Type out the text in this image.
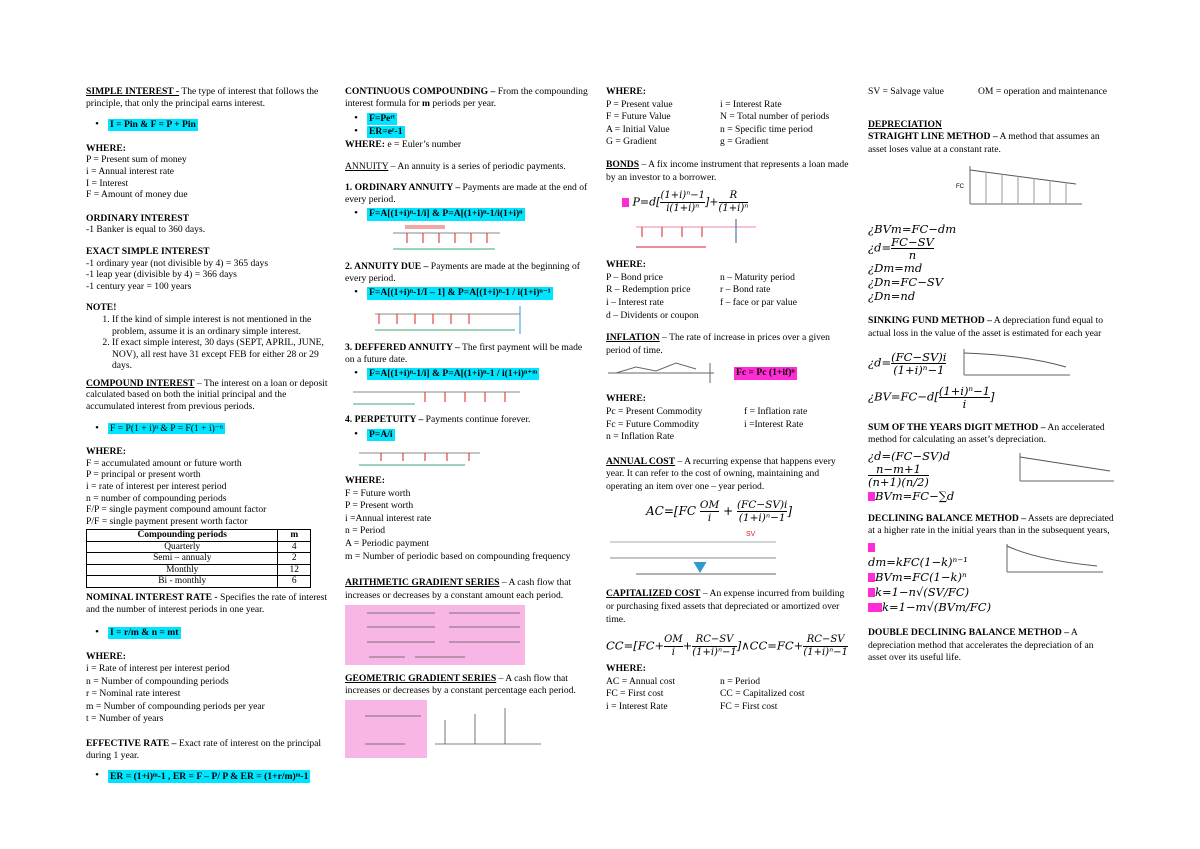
SIMPLE INTEREST - The type of interest that follows the principle, that only the principal earns interest.

•	I = Pin & F = P + Pin
WHERE:
P = Present sum of money
i = Annual interest rate
I = Interest
F = Amount of money due
ORDINARY INTEREST
-1 Banker is equal to 360 days.
EXACT SIMPLE INTEREST
-1 ordinary year (not divisible by 4) = 365 days
-1 leap year (divisible by 4) = 366 days
-1 century year = 100 years
NOTE!
1. If the kind of simple interest is not mentioned in the problem, assume it is an ordinary simple interest.
2. If exact simple interest, 30 days (SEPT, APRIL, JUNE, NOV), all rest have 31 except FEB for either 28 or 29 days.

COMPOUND INTEREST – The interest on a loan or deposit calculated based on both the initial principal and the accumulated interest from previous periods.

•	F = P(1 + i)ⁿ & P = F(1 + i)⁻ⁿ
WHERE:
F = accumulated amount or future worth
P = principal or present worth
i = rate of interest per interest period
n = number of compounding periods
F/P = single payment compound amount factor
P/F = single payment present worth factor
Compounding periods	m
Quarterly	4
Semi – annualy	2
Monthly	12
Bi - monthly	6

NOMINAL INTEREST RATE - Specifies the rate of interest and the number of interest periods in one year.

•	I = r/m & n = mt
WHERE:
i = Rate of interest per interest period
n = Number of compounding periods
r = Nominal rate interest
m = Number of compounding periods per year
t = Number of years

EFFECTIVE RATE – Exact rate of interest on the principal during 1 year.

•	ER = (1+i)ᵐ-1 , ER = F – P/ P & ER = (1+r/m)ᵐ-1

CONTINUOUS COMPOUNDING – From the compounding interest formula for m periods per year.

•	F=Peʳᵗ
•	ER=eʳ-1

WHERE: e = Euler’s number

ANNUITY – An annuity is a series of periodic payments.

1. ORDINARY ANNUITY – Payments are made at the end of every period.

•	F=A[(1+i)ⁿ-1/i] & P=A[(1+i)ⁿ-1/i(1+i)ⁿ

2. ANNUITY DUE – Payments are made at the beginning of every period.

•	F=A[(1+i)ⁿ-1/I – 1] & P=A[(1+i)ⁿ-1 / i(1+i)ⁿ⁻¹

3. DEFFERED ANNUITY – The first payment will be made on a future date.

•	F=A[(1+i)ⁿ-1/i] & P=A[(1+i)ⁿ-1 / i(1+i)ⁿ⁺ᵐ

4. PERPETUITY – Payments continue forever.

•	P=A/i
WHERE:
F = Future worth
P = Present worth
i =Annual interest rate
n = Period
A = Periodic payment
m = Number of periodic based on compounding frequency

ARITHMETIC GRADIENT SERIES – A cash flow that increases or decreases by a constant amount each period.

GEOMETRIC GRADIENT SERIES – A cash flow that increases or decreases by a constant percentage each period.

WHERE:
P = Present value
F = Future Value
A = Initial Value
G = Gradient
i = Interest Rate
N = Total number of periods
n = Specific time period
g = Gradient

BONDS – A fix income instrument that represents a loan made by an investor to a borrower.

$P=d[ \frac{\text{(1+i)ⁿ−1}}{\text{i(1+i)ⁿ}}$ ]+ $\frac{R}{\text{(1+i)ⁿ}}$
WHERE:
P – Bond price
R – Redemption price
i – Interest rate
d – Dividents or coupon
n – Maturity period
r – Bond rate
f – face or par value

INFLATION – The rate of increase in prices over a given period of time.

Fc = Pc (1+if)ⁿ
WHERE:
Pc = Present Commodity
Fc = Future Commodity
n = Inflation Rate
f = Inflation rate
i =Interest Rate

ANNUAL COST – A recurring expense that happens every year. It can refer to the cost of owning, maintaining and operating an item over one – year period.

$AC=[FC \frac{OM}{i} + \frac{(FC-SV)i}{\text{(1+i)ⁿ−1}}$ ]
SV

CAPITALIZED COST – An expense incurred from building or purchasing fixed assets that depreciated or amortized over time.

$CC=[FC+ \frac{OM}{i} + \frac{RC-SV}{\text{(1+i)ⁿ−1}}$ ]∧CC=FC+ $\frac{RC-SV}{\text{(1+i)ⁿ−1}}$
WHERE:
AC = Annual cost
FC = First cost
i = Interest Rate
n = Period
CC = Capitalized cost
FC = First cost
SV = Salvage value	OM = operation and maintenance
DEPRECIATION

STRAIGHT LINE METHOD – A method that assumes an asset loses value at a constant rate.

FC
¿BVm=FC−dm
¿$d= \frac{FC-SV}{n}$
¿Dm=md
¿Dn=FC−SV
¿Dn=nd

SINKING FUND METHOD – A depreciation fund equal to actual loss in the value of the asset is estimated for each year

¿$d= \frac{(FC-SV)i}{\text{(1+i)ⁿ−1}}$
¿$BV=FC-d[ \frac{\text{(1+i)ⁿ−1}}{i}$ ]

SUM OF THE YEARS DIGIT METHOD – An accelerated method for calculating an asset’s depreciation.

¿d=(FC−SV)d
$\frac{n-m+1}{(n+1)(n/2)}$
BVm=FC−∑d

DECLINING BALANCE METHOD – Assets are depreciated at a higher rate in the initial years than in the subsequent years,

dm=kFC(1−k)ⁿ⁻¹
BVm=FC(1−k)ⁿ
k=1−n√(SV/FC)
k=1−m√(BVm/FC)

DOUBLE DECLINING BALANCE METHOD – A depreciation method that accelerates the depreciation of an asset over its useful life.
